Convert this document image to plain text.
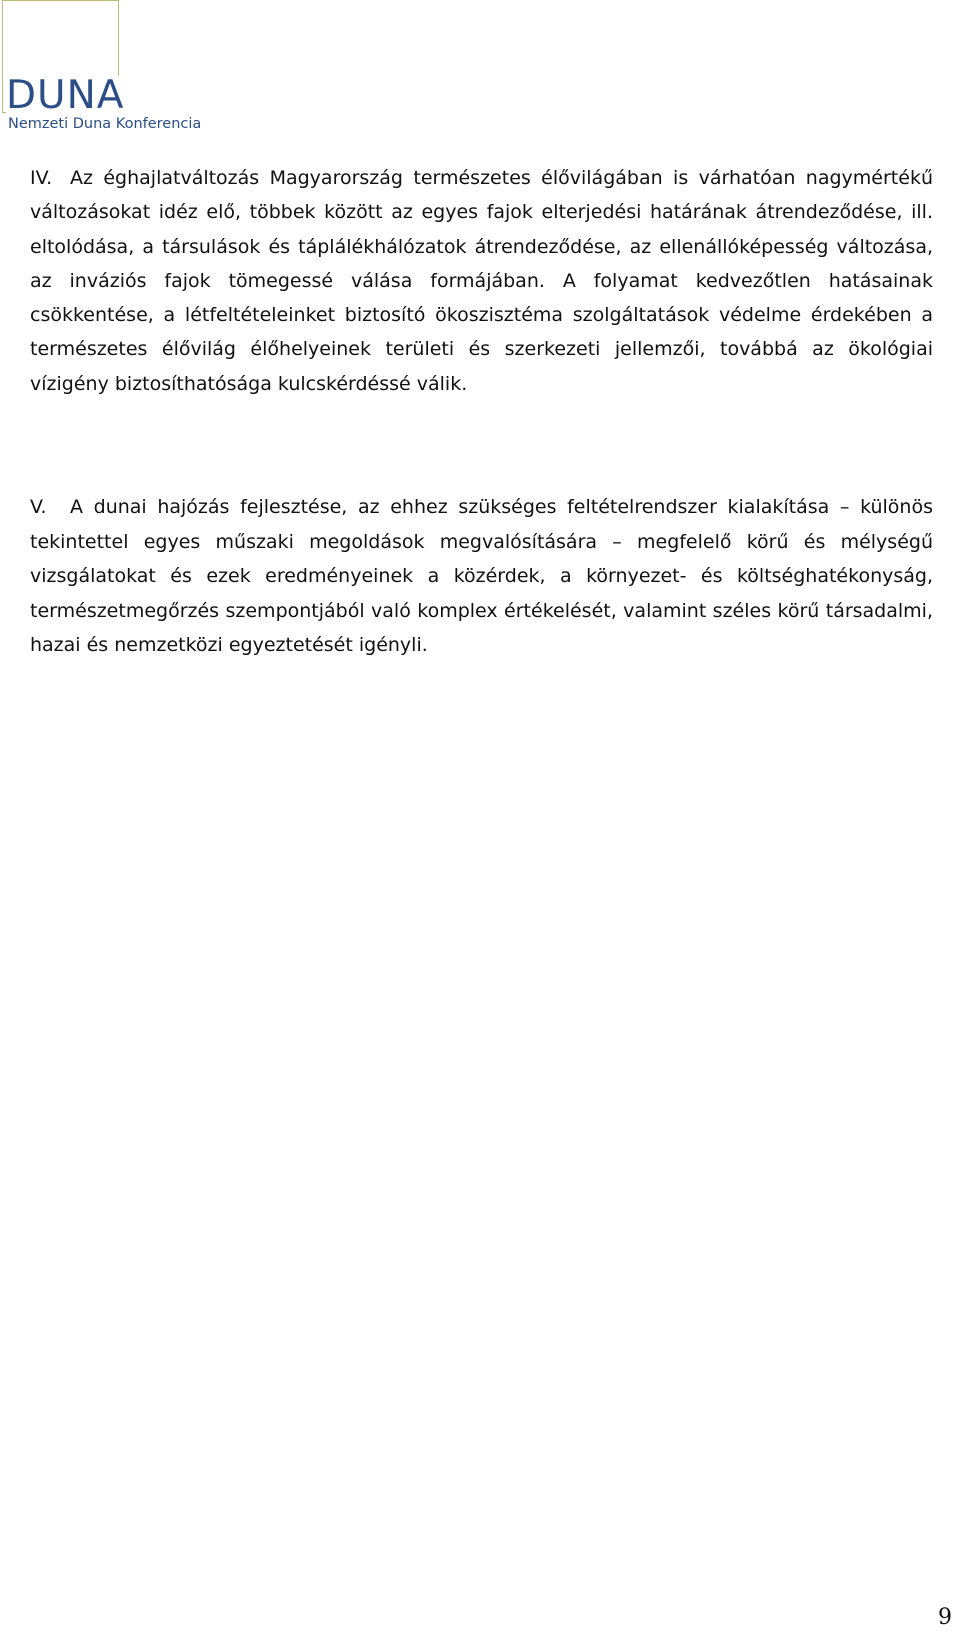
DUNA
Nemzeti Duna Konferencia

IV. Az éghajlatváltozás Magyarország természetes élővilágában is várhatóan nagymértékű változásokat idéz elő, többek között az egyes fajok elterjedési határának átrendeződése, ill. eltolódása, a társulások és táplálékhálózatok átrendeződése, az ellenállóképesség változása, az inváziós fajok tömegessé válása formájában. A folyamat kedvezőtlen hatásainak csökkentése, a létfeltételeinket biztosító ökoszisztéma szolgáltatások védelme érdekében a természetes élővilág élőhelyeinek területi és szerkezeti jellemzői, továbbá az ökológiai vízigény biztosíthatósága kulcskérdéssé válik.

V. A dunai hajózás fejlesztése, az ehhez szükséges feltételrendszer kialakítása – különös tekintettel egyes műszaki megoldások megvalósítására – megfelelő körű és mélységű vizsgálatokat és ezek eredményeinek a közérdek, a környezet- és költséghatékonyság, természetmegőrzés szempontjából való komplex értékelését, valamint széles körű társadalmi, hazai és nemzetközi egyeztetését igényli.

9
